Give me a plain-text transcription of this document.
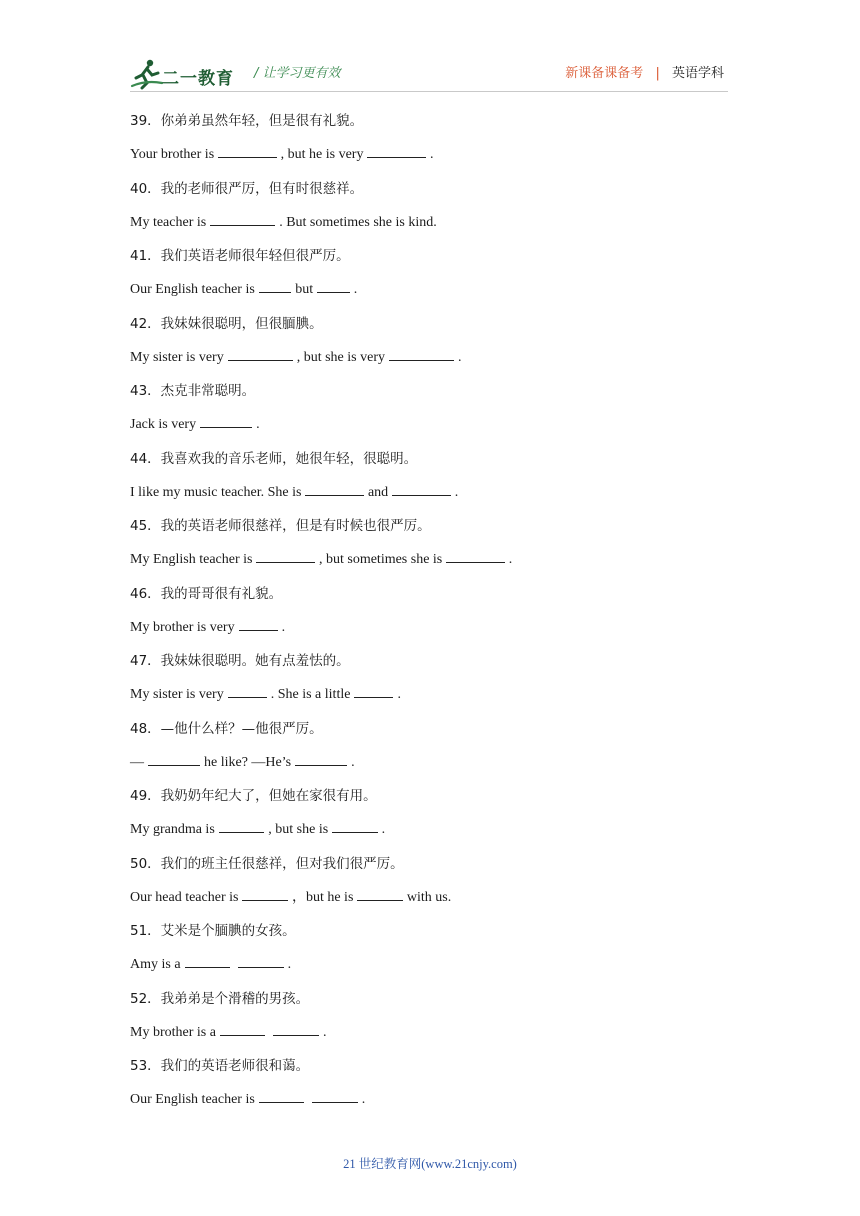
二一教育 / 让学习更有效	新课备课备考 | 英语学科
39．你弟弟虽然年轻，但是很有礼貌。
Your brother is	, but he is very	.
40．我的老师很严厉，但有时很慈祥。
My teacher is	. But sometimes she is kind.
41．我们英语老师很年轻但很严厉。
Our English teacher is	but	.
42．我妹妹很聪明，但很腼腆。
My sister is very	, but she is very	.
43．杰克非常聪明。
Jack is very	.
44．我喜欢我的音乐老师，她很年轻，很聪明。
I like my music teacher. She is	and	.
45．我的英语老师很慈祥，但是有时候也很严厉。
My English teacher is	, but sometimes she is	.
46．我的哥哥很有礼貌。
My brother is very	.
47．我妹妹很聪明。她有点羞怯的。
My sister is very	. She is a little	.
48．—他什么样？—他很严厉。
—	he like? —He’s	.
49．我奶奶年纪大了，但她在家很有用。
My grandma is	, but she is	.
50．我们的班主任很慈祥，但对我们很严厉。
Our head teacher is	，but he is	with us.
51．艾米是个腼腆的女孩。
Amy is a	.
52．我弟弟是个滑稽的男孩。
My brother is a	.
53．我们的英语老师很和蔼。
Our English teacher is	.
21 世纪教育网(www.21cnjy.com)
